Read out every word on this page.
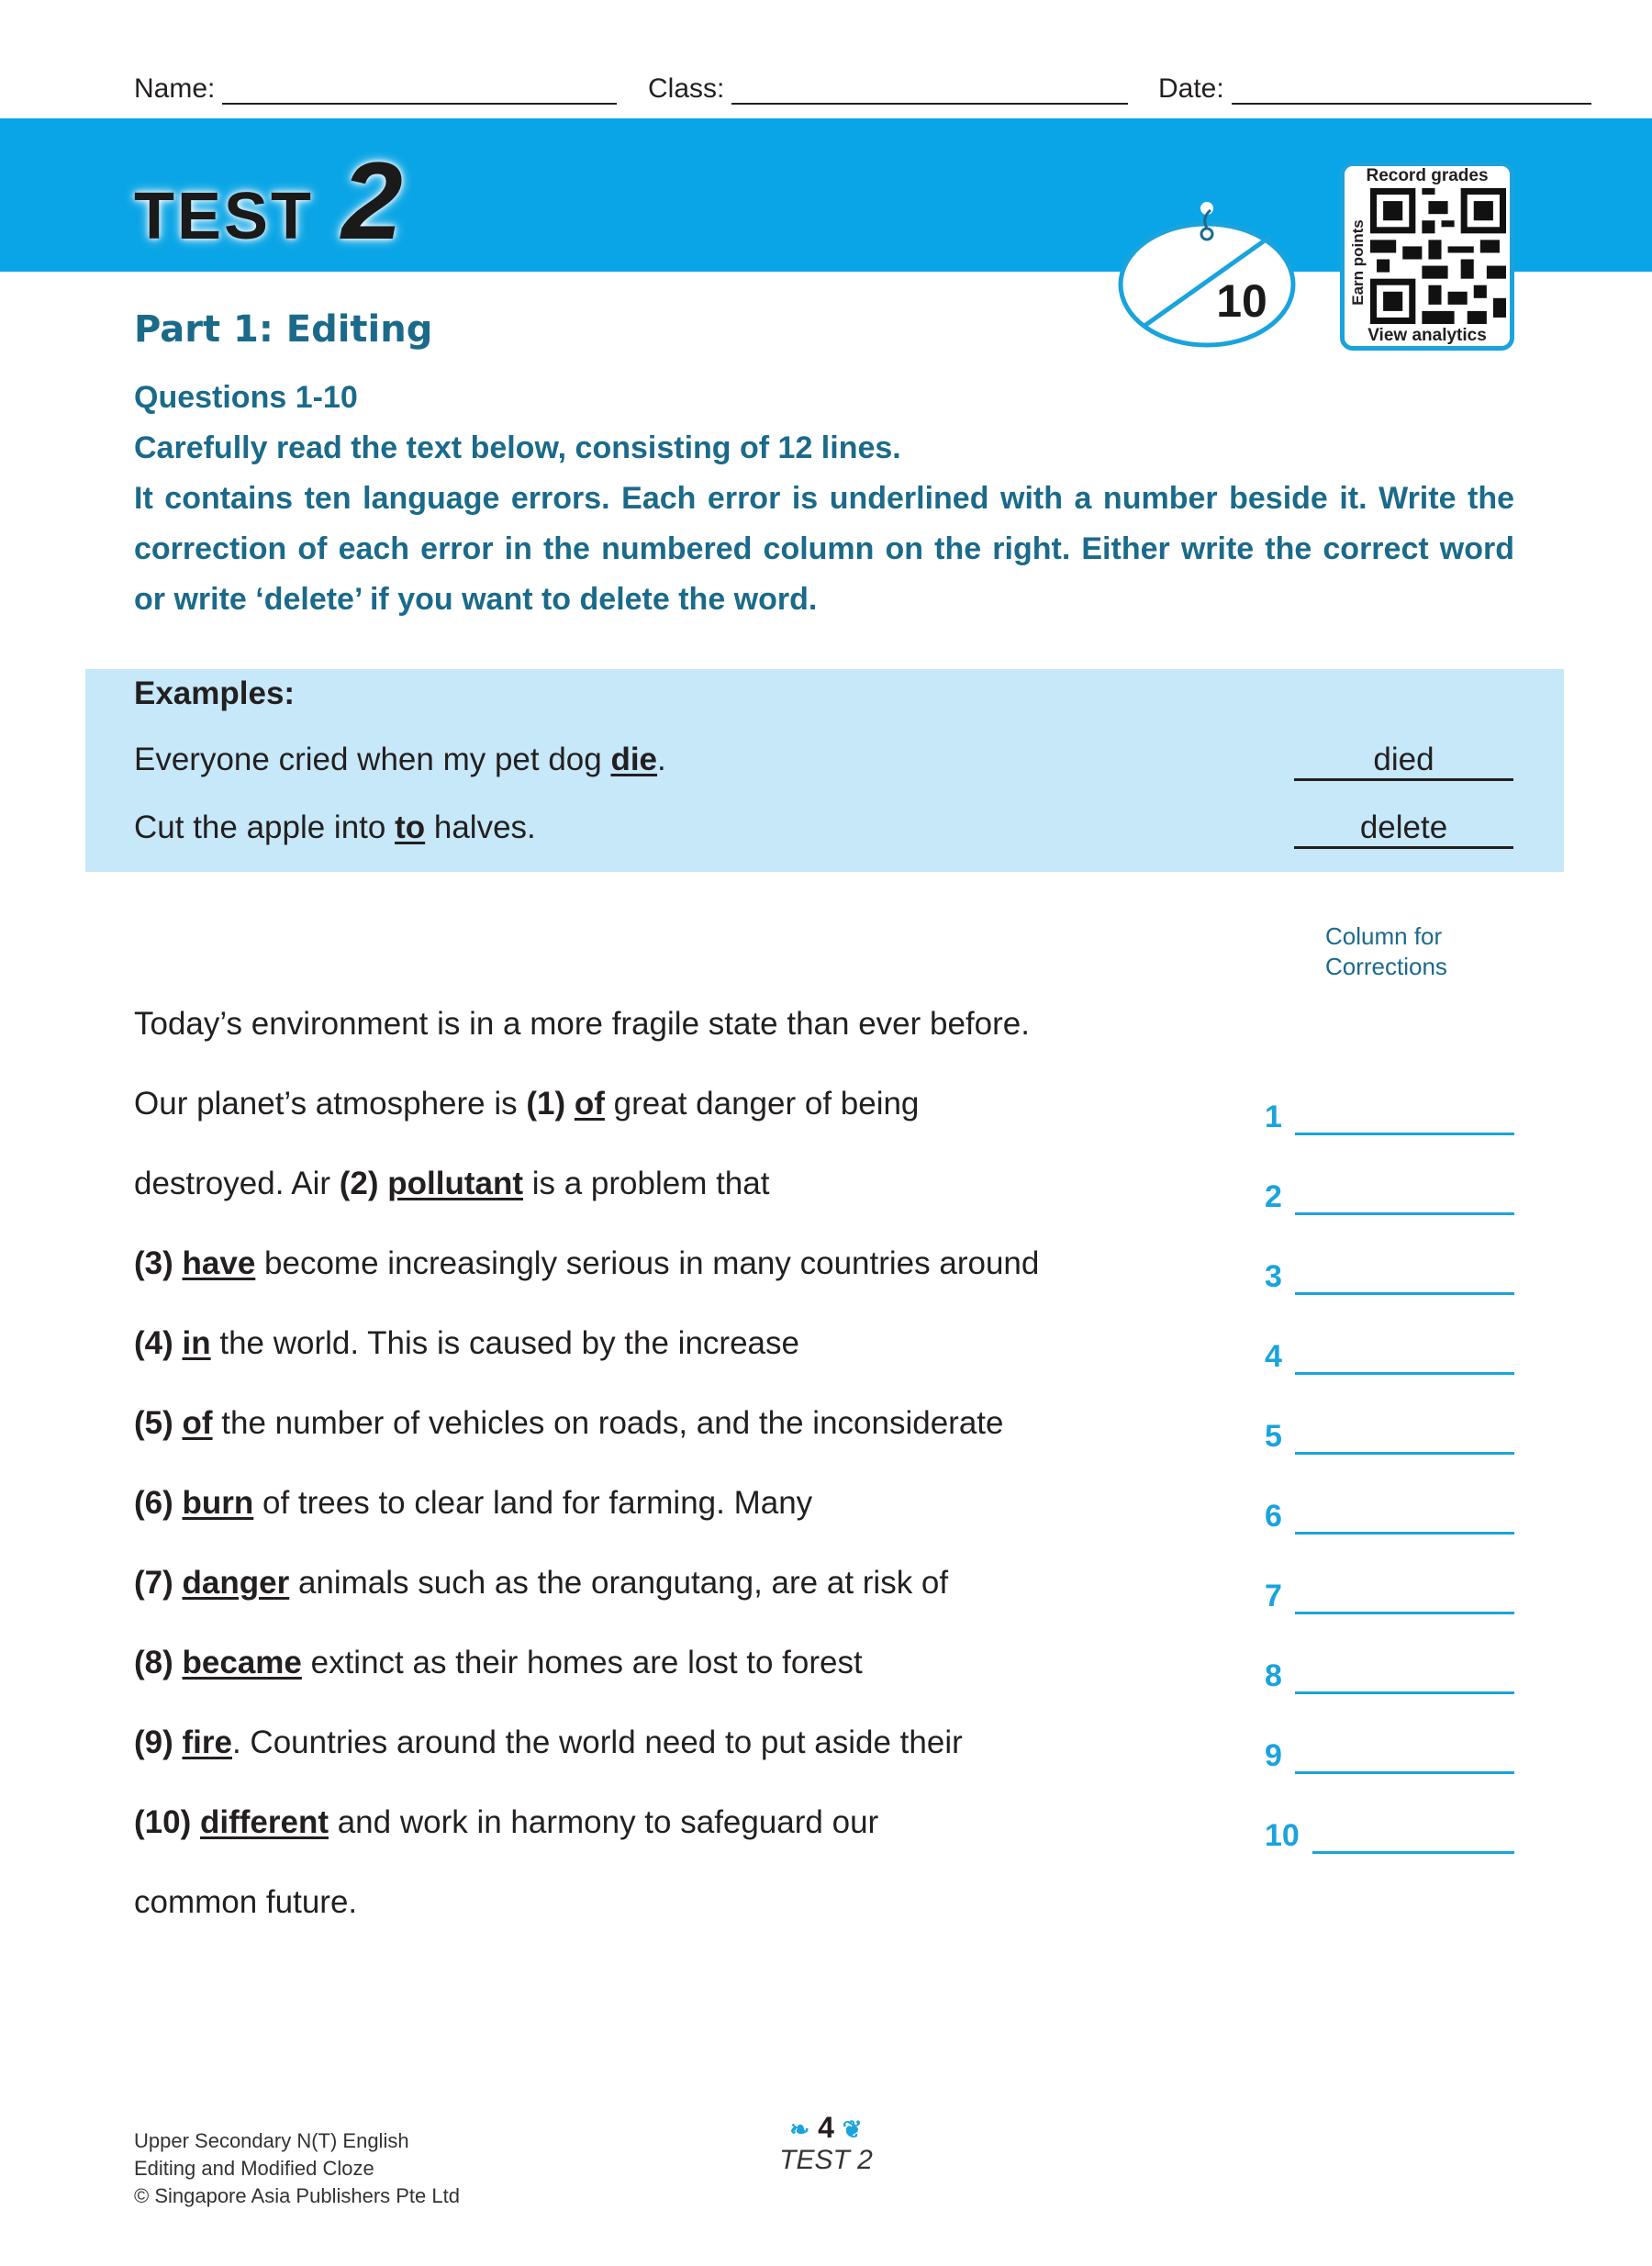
Name:	Class:	Date:
TEST 2
10
Record grades
Earn points
View analytics
Part 1: Editing
Questions 1-10
Carefully read the text below, consisting of 12 lines.
It contains ten language errors. Each error is underlined with a number beside it. Write the correction of each error in the numbered column on the right. Either write the correct word or write ‘delete’ if you want to delete the word.
Examples:
Everyone cried when my pet dog die.	died
Cut the apple into to halves.	delete
Column for
Corrections
Today’s environment is in a more fragile state than ever before.
Our planet’s atmosphere is (1) of great danger of being
destroyed. Air (2) pollutant is a problem that
(3) have become increasingly serious in many countries around
(4) in the world. This is caused by the increase
(5) of the number of vehicles on roads, and the inconsiderate
(6) burn of trees to clear land for farming. Many
(7) danger animals such as the orangutang, are at risk of
(8) became extinct as their homes are lost to forest
(9) fire. Countries around the world need to put aside their
(10) different and work in harmony to safeguard our
common future.
1
2
3
4
5
6
7
8
9
10
Upper Secondary N(T) English
Editing and Modified Cloze
© Singapore Asia Publishers Pte Ltd
❧ 4 ❦
TEST 2
